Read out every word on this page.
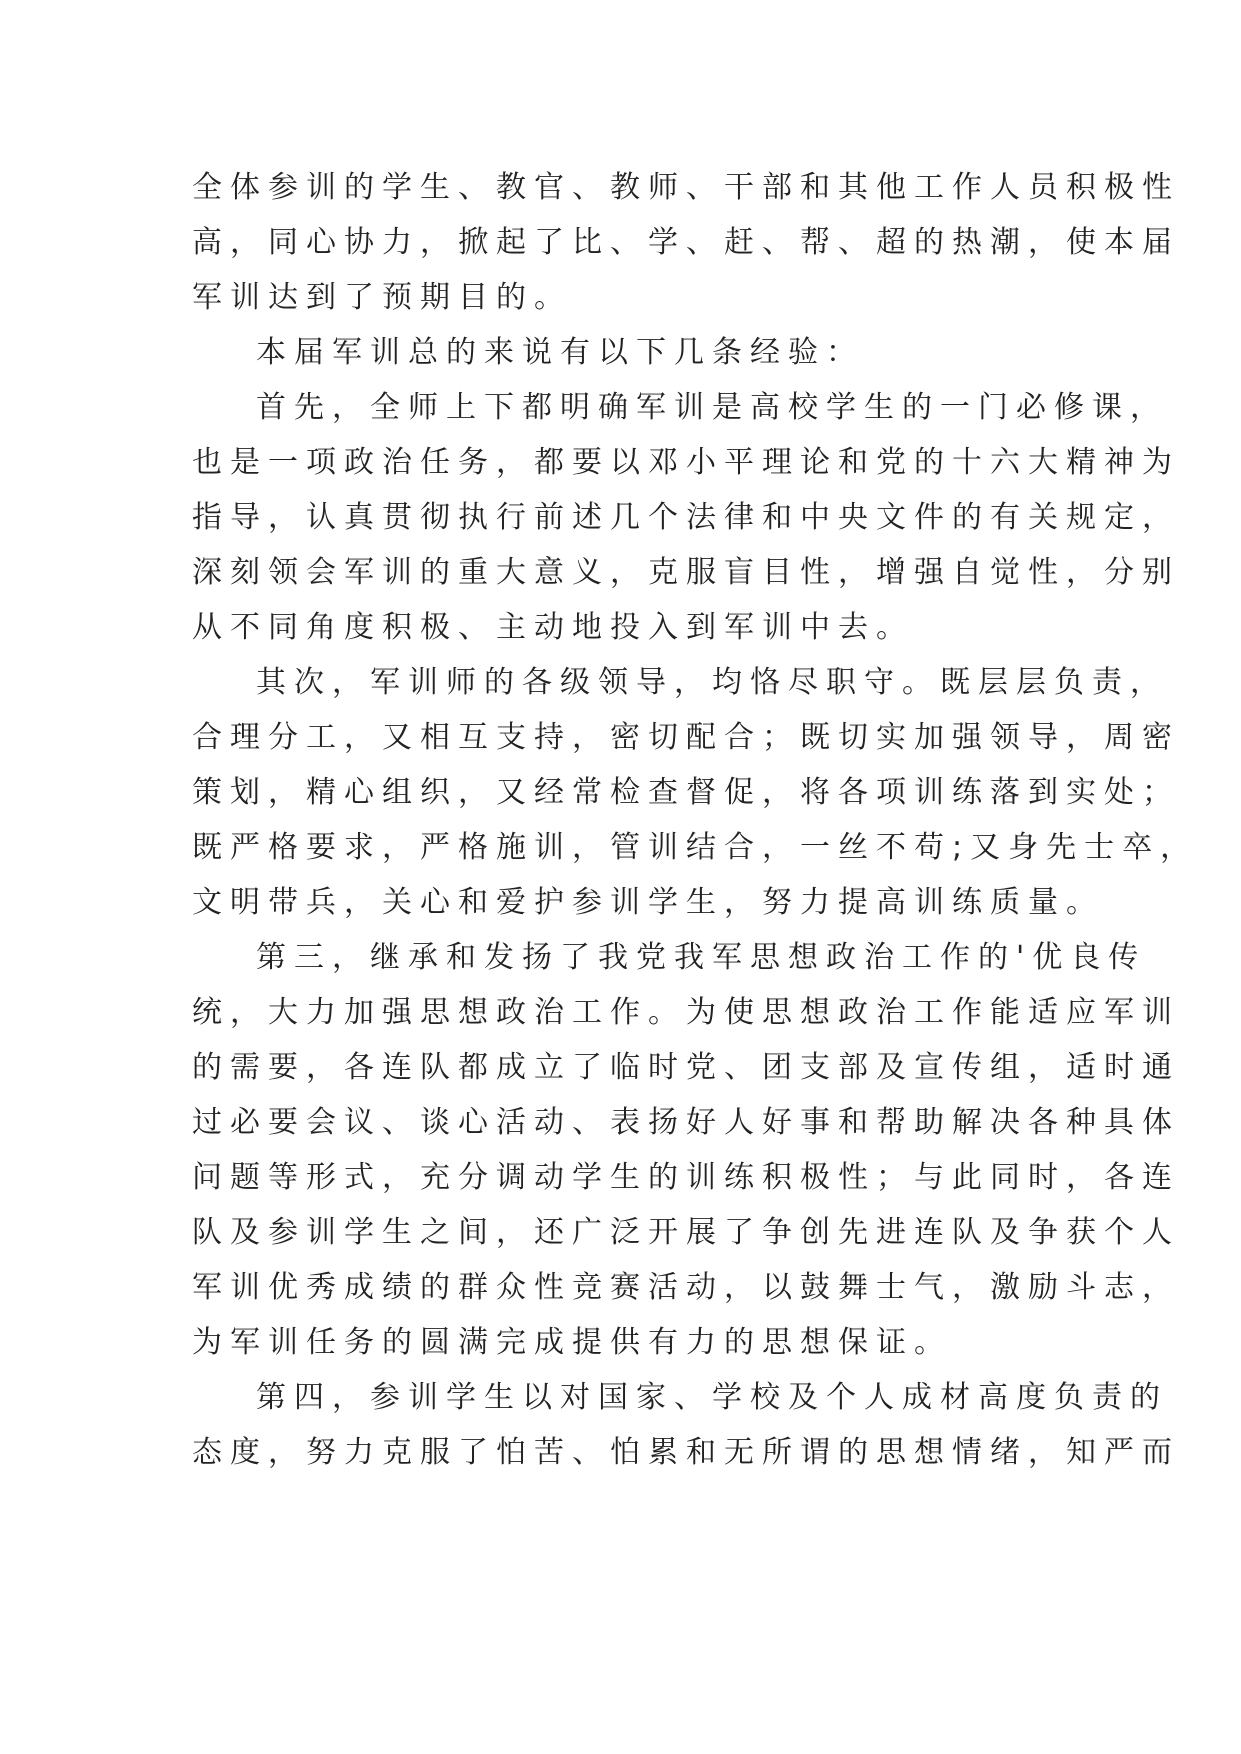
全体参训的学生、教官、教师、干部和其他工作人员积极性
高，同心协力，掀起了比、学、赶、帮、超的热潮，使本届
军训达到了预期目的。
本届军训总的来说有以下几条经验：
首先，全师上下都明确军训是高校学生的一门必修课，
也是一项政治任务，都要以邓小平理论和党的十六大精神为
指导，认真贯彻执行前述几个法律和中央文件的有关规定，
深刻领会军训的重大意义，克服盲目性，增强自觉性，分别
从不同角度积极、主动地投入到军训中去。
其次，军训师的各级领导，均恪尽职守。既层层负责，
合理分工，又相互支持，密切配合；既切实加强领导，周密
策划，精心组织，又经常检查督促，将各项训练落到实处；
既严格要求，严格施训，管训结合，一丝不苟;又身先士卒，
文明带兵，关心和爱护参训学生，努力提高训练质量。
第三，继承和发扬了我党我军思想政治工作的'优良传
统，大力加强思想政治工作。为使思想政治工作能适应军训
的需要，各连队都成立了临时党、团支部及宣传组，适时通
过必要会议、谈心活动、表扬好人好事和帮助解决各种具体
问题等形式，充分调动学生的训练积极性；与此同时，各连
队及参训学生之间，还广泛开展了争创先进连队及争获个人
军训优秀成绩的群众性竞赛活动，以鼓舞士气，激励斗志，
为军训任务的圆满完成提供有力的思想保证。
第四，参训学生以对国家、学校及个人成材高度负责的
态度，努力克服了怕苦、怕累和无所谓的思想情绪，知严而
